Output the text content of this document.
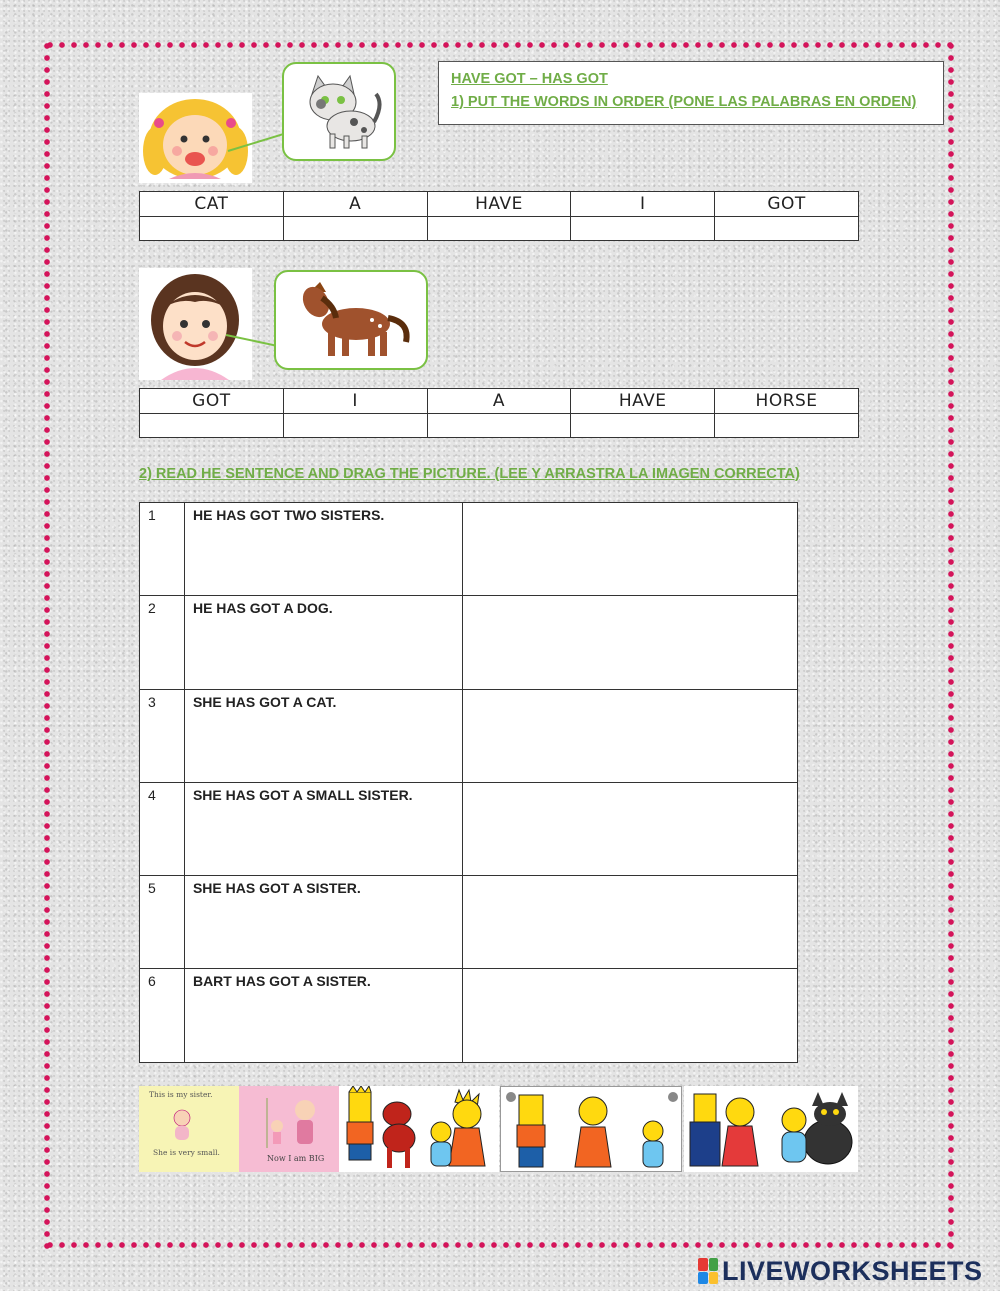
HAVE GOT – HAS GOT
1) PUT THE WORDS IN ORDER (PONE LAS PALABRAS EN ORDEN)
CAT	A	HAVE	I	GOT

GOT	I	A	HAVE	HORSE

2) READ HE SENTENCE AND DRAG THE PICTURE. (LEE Y ARRASTRA LA IMAGEN CORRECTA)
1	HE HAS GOT TWO SISTERS.	
2	HE HAS GOT A DOG.	
3	SHE HAS GOT A CAT.	
4	SHE HAS GOT A SMALL SISTER.	
5	SHE HAS GOT A SISTER.	
6	BART HAS GOT A SISTER.	
This is my sister.
She is very small.
Now I am BIG
LIVEWORKSHEETS
